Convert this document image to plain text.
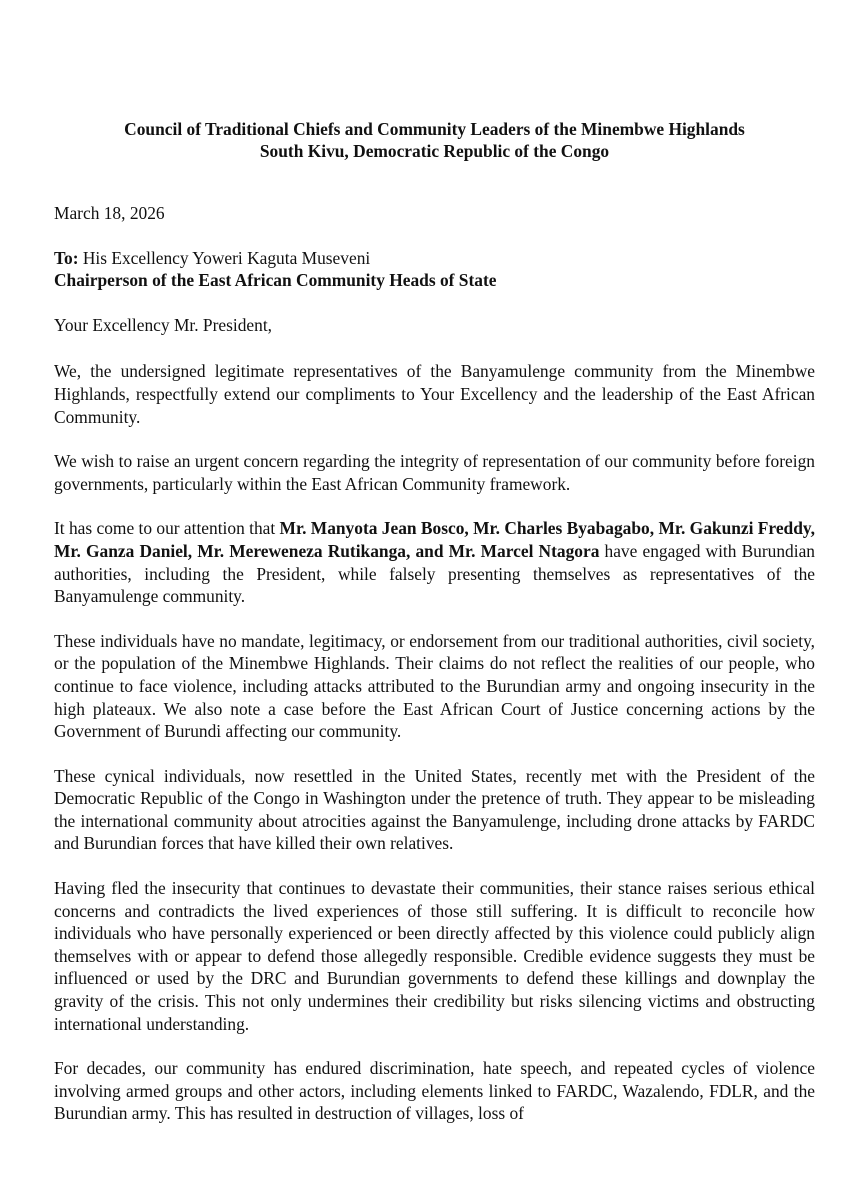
Council of Traditional Chiefs and Community Leaders of the Minembwe Highlands
South Kivu, Democratic Republic of the Congo
March 18, 2026
To: His Excellency Yoweri Kaguta Museveni
Chairperson of the East African Community Heads of State
Your Excellency Mr. President,

We, the undersigned legitimate representatives of the Banyamulenge community from the Minembwe Highlands, respectfully extend our compliments to Your Excellency and the leadership of the East African Community.

We wish to raise an urgent concern regarding the integrity of representation of our community before foreign governments, particularly within the East African Community framework.

It has come to our attention that Mr. Manyota Jean Bosco, Mr. Charles Byabagabo, Mr. Gakunzi Freddy, Mr. Ganza Daniel, Mr. Mereweneza Rutikanga, and Mr. Marcel Ntagora have engaged with Burundian authorities, including the President, while falsely presenting themselves as representatives of the Banyamulenge community.

These individuals have no mandate, legitimacy, or endorsement from our traditional authorities, civil society, or the population of the Minembwe Highlands. Their claims do not reflect the realities of our people, who continue to face violence, including attacks attributed to the Burundian army and ongoing insecurity in the high plateaux. We also note a case before the East African Court of Justice concerning actions by the Government of Burundi affecting our community.

These cynical individuals, now resettled in the United States, recently met with the President of the Democratic Republic of the Congo in Washington under the pretence of truth. They appear to be misleading the international community about atrocities against the Banyamulenge, including drone attacks by FARDC and Burundian forces that have killed their own relatives.

Having fled the insecurity that continues to devastate their communities, their stance raises serious ethical concerns and contradicts the lived experiences of those still suffering. It is difficult to reconcile how individuals who have personally experienced or been directly affected by this violence could publicly align themselves with or appear to defend those allegedly responsible. Credible evidence suggests they must be influenced or used by the DRC and Burundian governments to defend these killings and downplay the gravity of the crisis. This not only undermines their credibility but risks silencing victims and obstructing international understanding.

For decades, our community has endured discrimination, hate speech, and repeated cycles of violence involving armed groups and other actors, including elements linked to FARDC, Wazalendo, FDLR, and the Burundian army. This has resulted in destruction of villages, loss of
